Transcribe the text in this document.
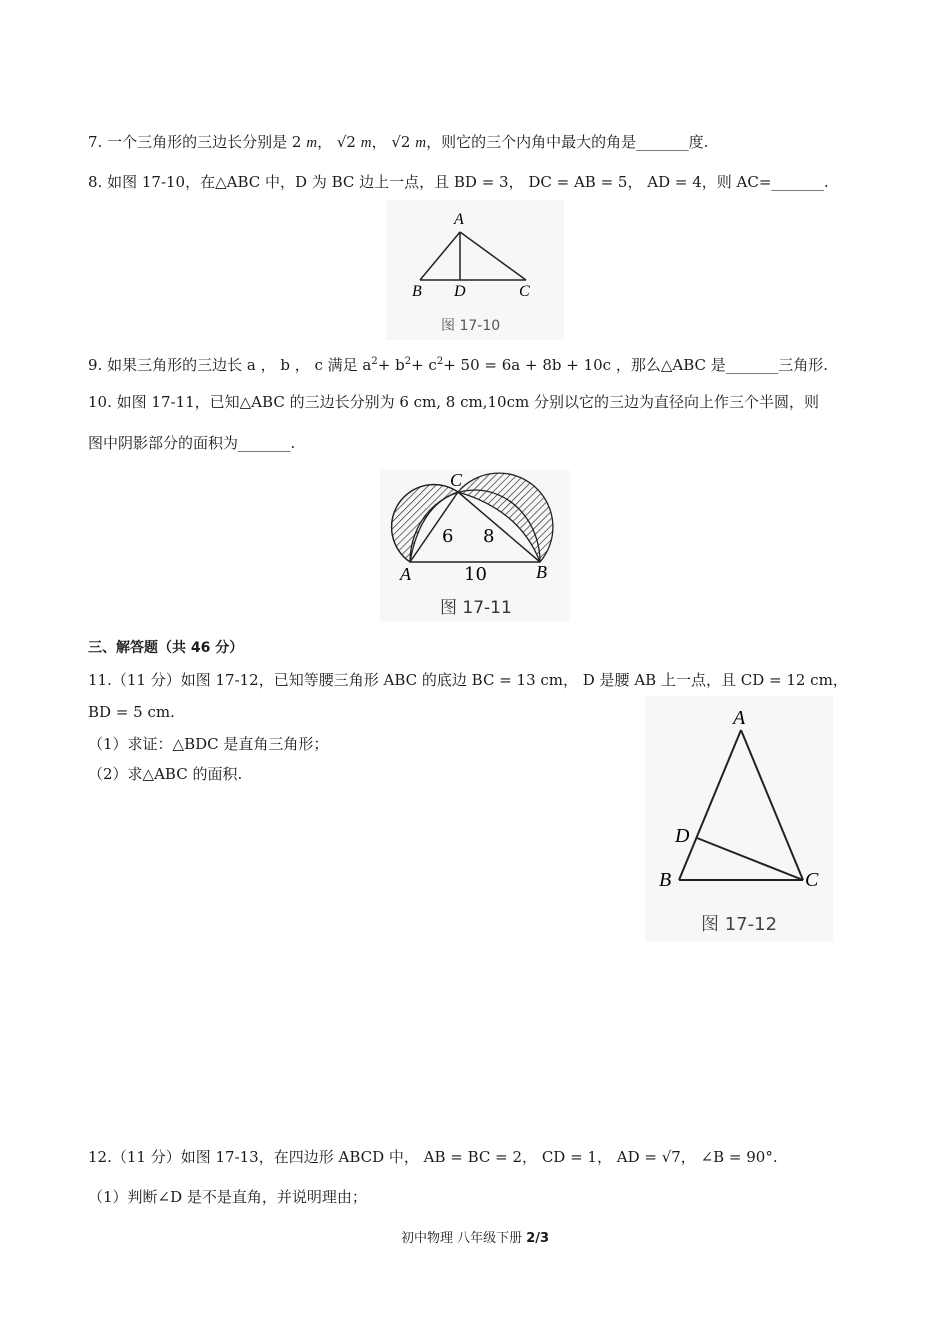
7. 一个三角形的三边长分别是 2 m， √2 m， √2 m，则它的三个内角中最大的角是_______度.
8. 如图 17-10，在△ABC 中，D 为 BC 边上一点，且 BD = 3， DC = AB = 5， AD = 4，则 AC=_______.
A
B D	C
图 17-10
9. 如果三角形的三边长 a ， b ， c 满足 $a^2+ b^2+ c^2+ 50 = 6a + 8b + 10c$ ，那么△ABC 是_______三角形.
10. 如图 17-11，已知△ABC 的三边长分别为 6 cm, 8 cm,10cm 分别以它的三边为直径向上作三个半圆，则
图中阴影部分的面积为_______.
C
6 8
A	10	B
图 17-11
三、解答题（共 46 分）
11.（11 分）如图 17-12，已知等腰三角形 ABC 的底边 BC = 13 cm， D 是腰 AB 上一点，且 CD = 12 cm，
BD = 5 cm.
（1）求证：△BDC 是直角三角形；
（2）求△ABC 的面积.
A
D
B	C
图 17-12
12.（11 分）如图 17-13，在四边形 ABCD 中， AB = BC = 2， CD = 1， AD = √7， ∠B = 90°.
（1）判断∠D 是不是直角，并说明理由；
初中物理 八年级下册 2/3
